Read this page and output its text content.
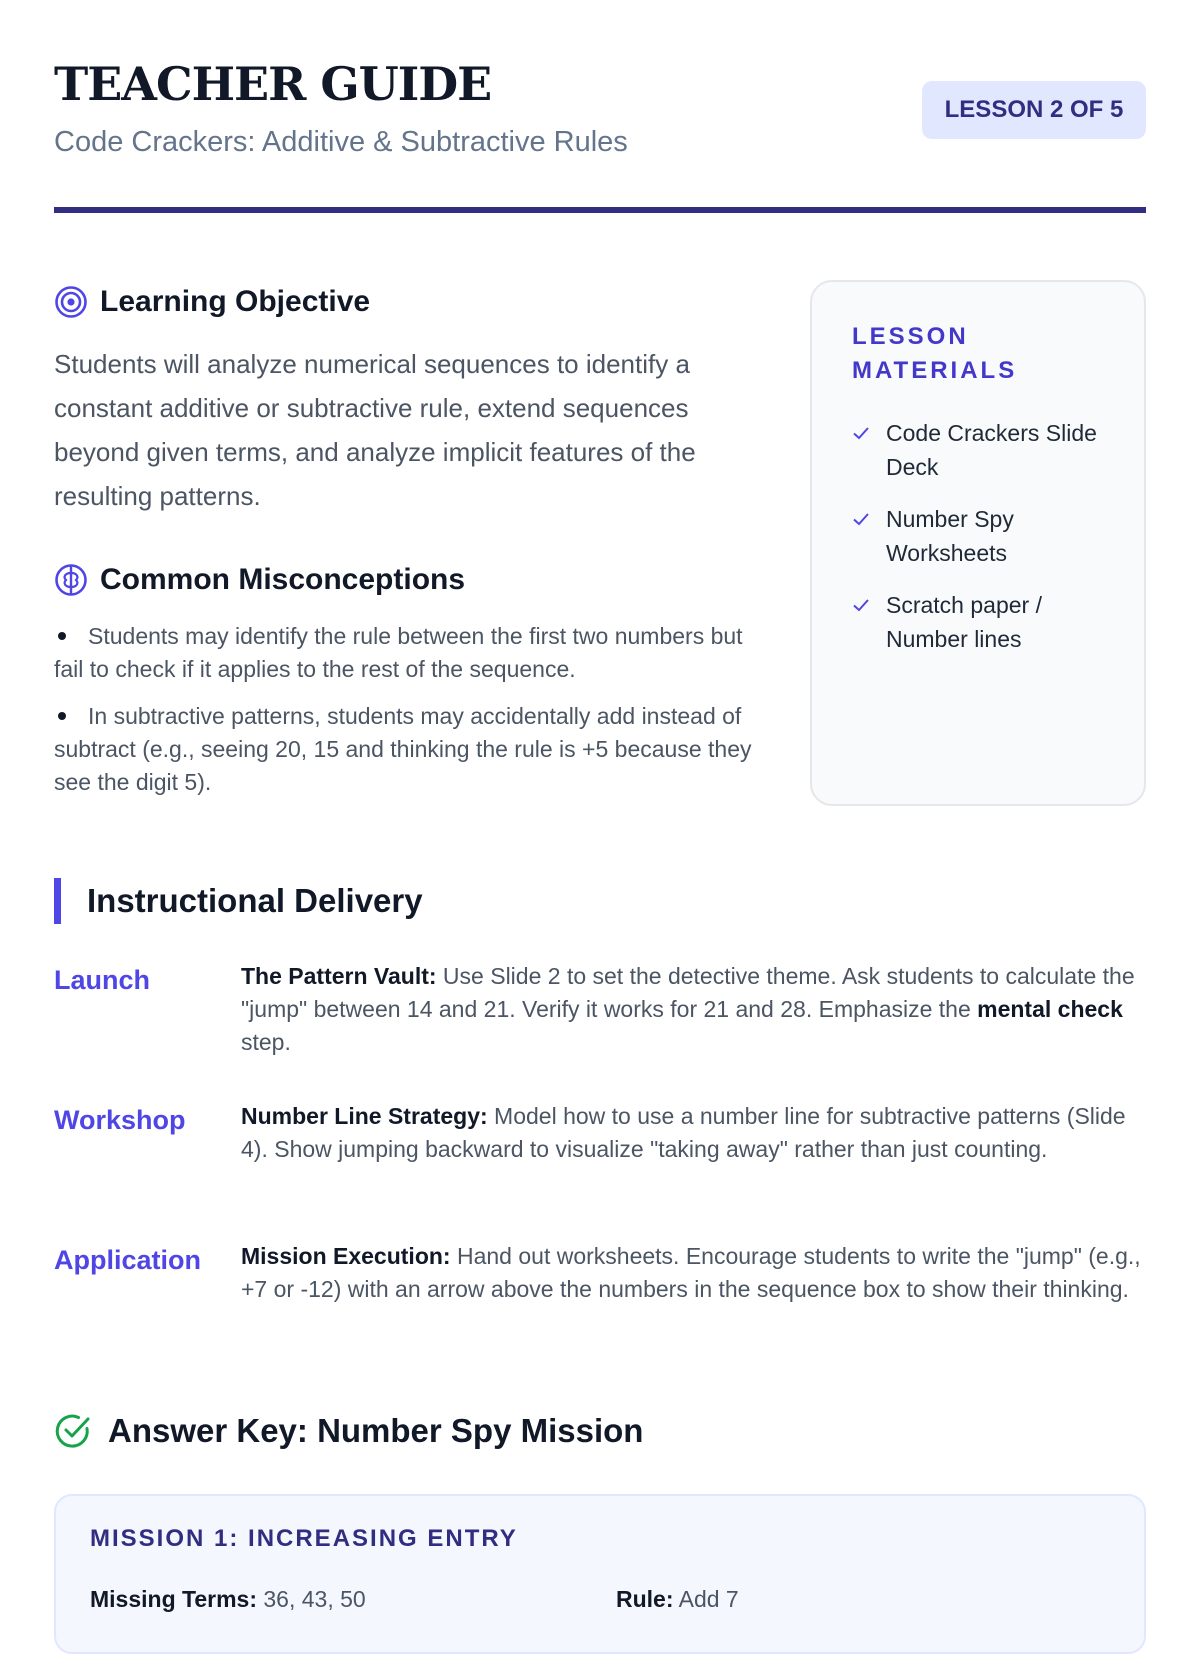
TEACHER GUIDE

Code Crackers: Additive & Subtractive Rules

LESSON 2 OF 5
Learning Objective

Students will analyze numerical sequences to identify a constant additive or subtractive rule, extend sequences beyond given terms, and analyze implicit features of the resulting patterns.

Common Misconceptions
Students may identify the rule between the first two numbers but fail to check if it applies to the rest of the sequence.
In subtractive patterns, students may accidentally add instead of subtract (e.g., seeing 20, 15 and thinking the rule is +5 because they see the digit 5).
LESSON MATERIALS
Code Crackers Slide Deck
Number Spy Worksheets
Scratch paper / Number lines
Instructional Delivery
Launch	The Pattern Vault: Use Slide 2 to set the detective theme. Ask students to calculate the "jump" between 14 and 21. Verify it works for 21 and 28. Emphasize the mental check step.

Workshop Number Line Strategy: Model how to use a number line for subtractive patterns (Slide 4). Show jumping backward to visualize "taking away" rather than just counting.

Application Mission Execution: Hand out worksheets. Encourage students to write the "jump" (e.g., +7 or -12) with an arrow above the numbers in the sequence box to show their thinking.

Answer Key: Number Spy Mission
MISSION 1: INCREASING ENTRY
Missing Terms: 36, 43, 50	Rule: Add 7
